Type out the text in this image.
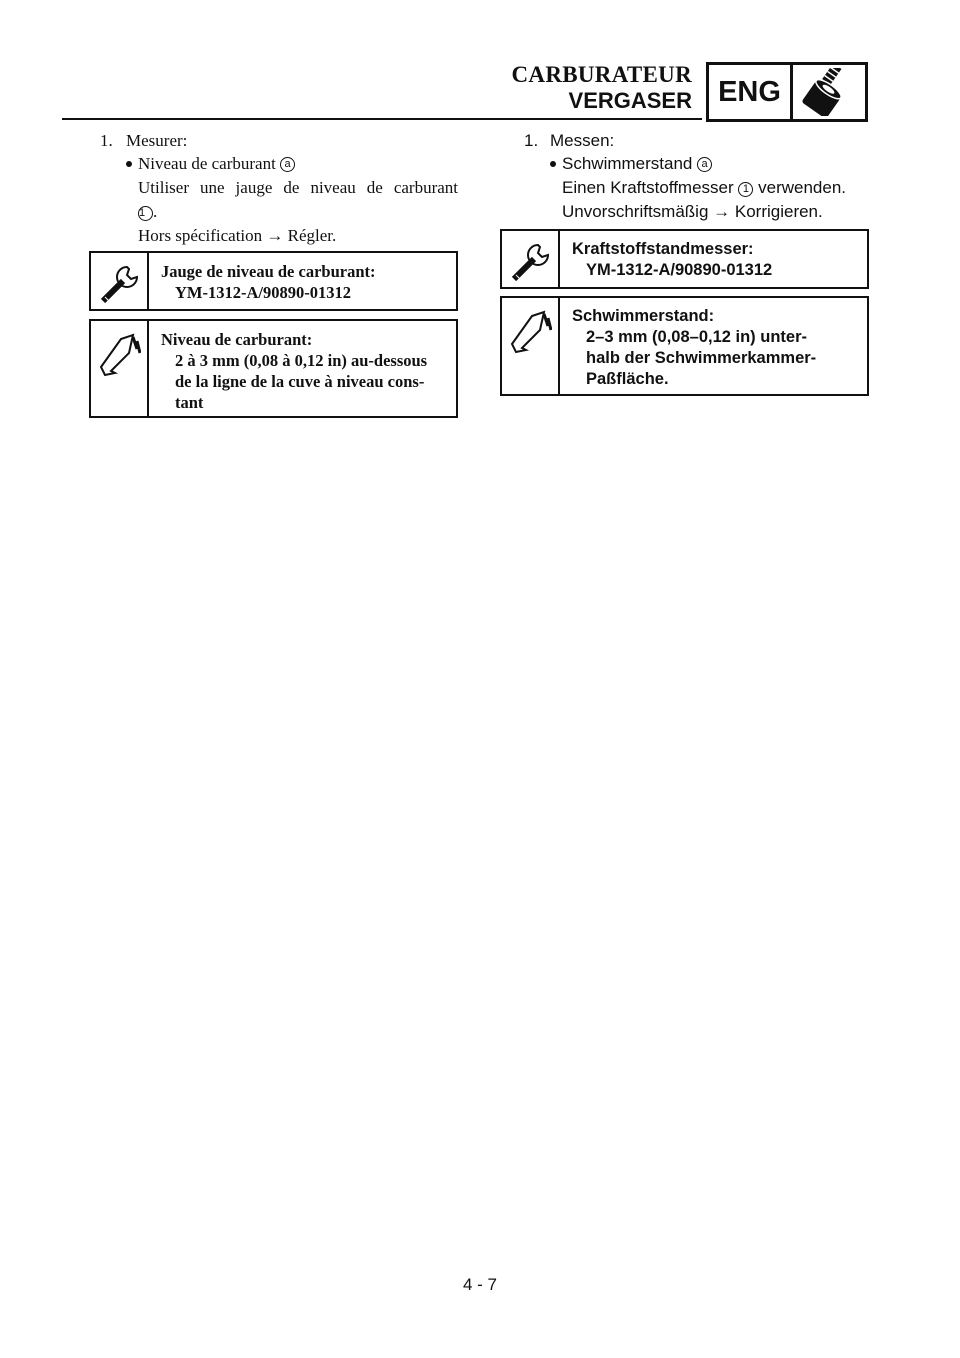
CARBURATEUR
VERGASER ENG
1. Mesurer:
Niveau de carburant
a
Utiliser une jauge de niveau de carburant
1 .
Hors spécification → Régler.
Jauge de niveau de carburant:
YM-1312-A/90890-01312
Niveau de carburant:
2 à 3 mm (0,08 à 0,12 in) au-dessous
de la ligne de la cuve à niveau cons-
tant
1. Messen:
Schwimmerstand
a
Einen Kraftstoffmesser 1 verwenden.
Unvorschriftsmäßig → Korrigieren.
Kraftstoffstandmesser:
YM-1312-A/90890-01312
Schwimmerstand:
2–3 mm (0,08–0,12 in) unter-
halb der Schwimmerkammer-
Paßfläche.
4 - 7
